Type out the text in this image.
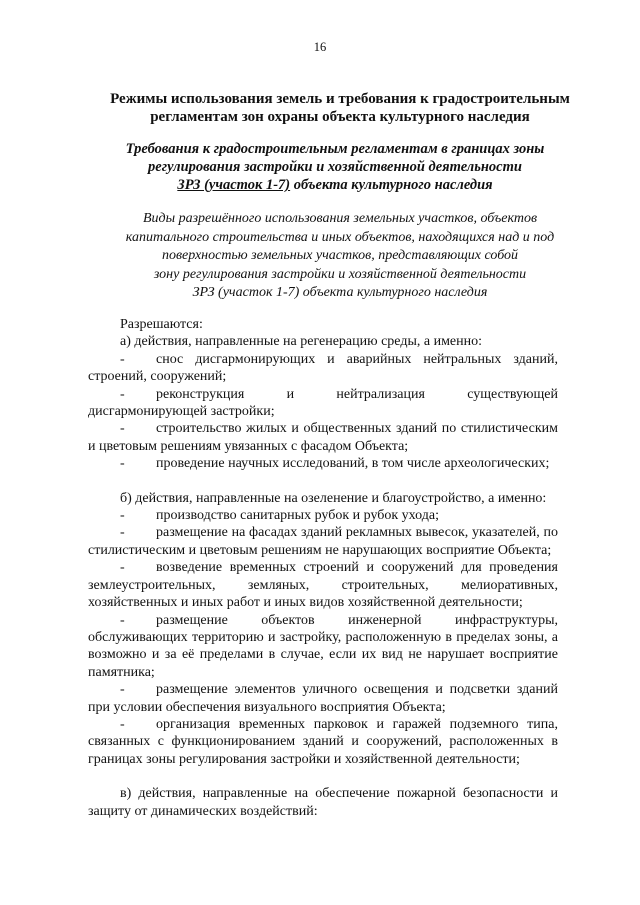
16
Режимы использования земель и требования к градостроительным
регламентам зон охраны объекта культурного наследия
Требования к градостроительным регламентам в границах зоны
регулирования застройки и хозяйственной деятельности
ЗРЗ (участок 1-7) объекта культурного наследия
Виды разрешённого использования земельных участков, объектов
капитального строительства и иных объектов, находящихся над и под
поверхностью земельных участков, представляющих собой
зону регулирования застройки и хозяйственной деятельности
ЗРЗ (участок 1-7) объекта культурного наследия

Разрешаются:

а) действия, направленные на регенерацию среды, а именно:

- снос дисгармонирующих и аварийных нейтральных зданий, строений, сооружений;

- реконструкция и нейтрализация существующей дисгармонирующей застройки;

- строительство жилых и общественных зданий по стилистическим и цветовым решениям увязанных с фасадом Объекта;

- проведение научных исследований, в том числе археологических;

б) действия, направленные на озеленение и благоустройство, а именно:

- производство санитарных рубок и рубок ухода;

- размещение на фасадах зданий рекламных вывесок, указателей, по стилистическим и цветовым решениям не нарушающих восприятие Объекта;

- возведение временных строений и сооружений для проведения землеустроительных, земляных, строительных, мелиоративных, хозяйственных и иных работ и иных видов хозяйственной деятельности;

- размещение объектов инженерной инфраструктуры, обслуживающих территорию и застройку, расположенную в пределах зоны, а возможно и за её пределами в случае, если их вид не нарушает восприятие памятника;

- размещение элементов уличного освещения и подсветки зданий при условии обеспечения визуального восприятия Объекта;

- организация временных парковок и гаражей подземного типа, связанных с функционированием зданий и сооружений, расположенных в границах зоны регулирования застройки и хозяйственной деятельности;

в) действия, направленные на обеспечение пожарной безопасности и защиту от динамических воздействий:
